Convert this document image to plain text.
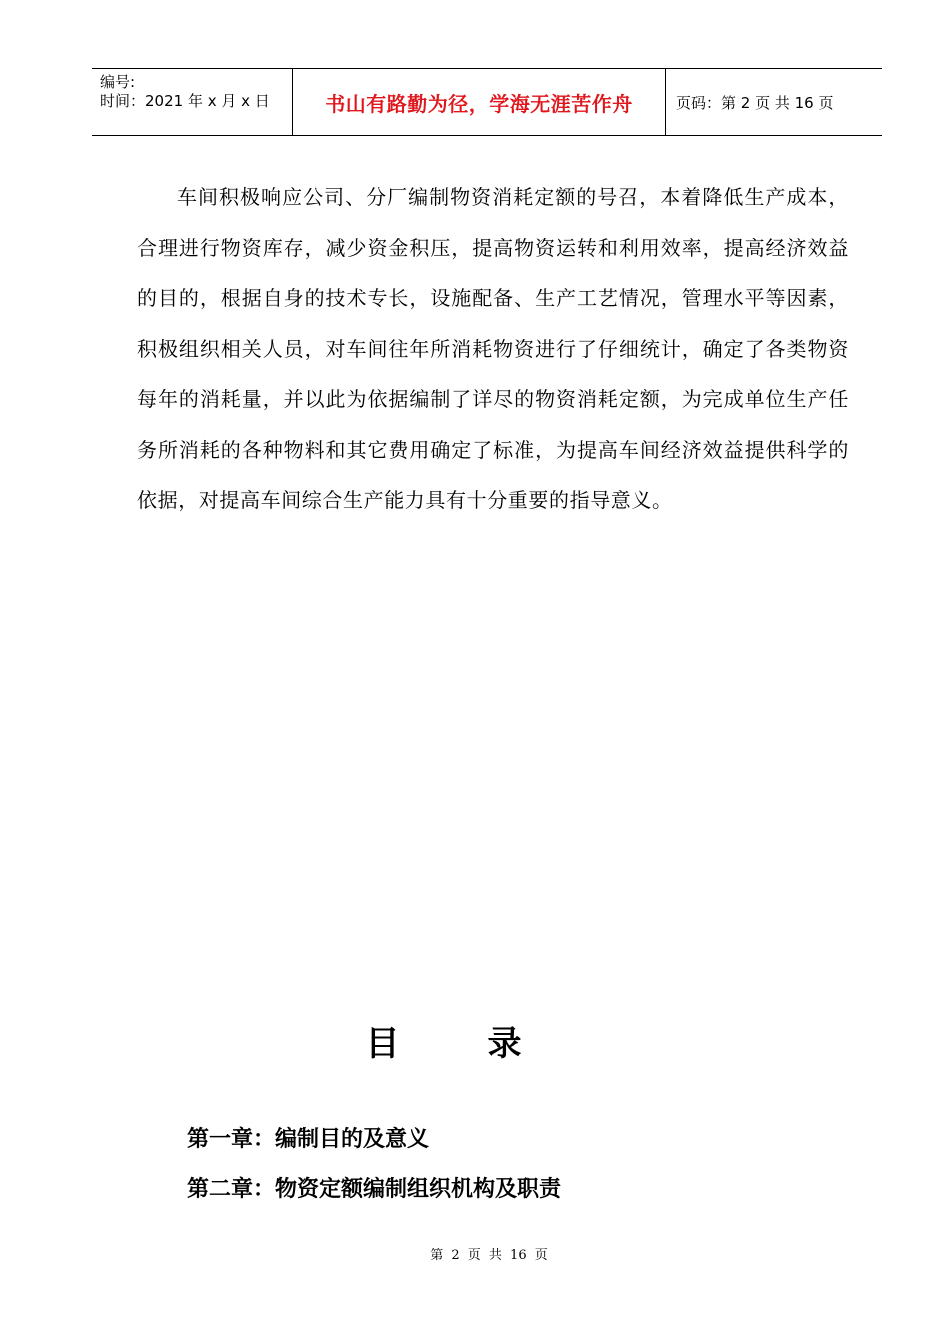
编号:
时间：2021 年 x 月 x 日	书山有路勤为径，学海无涯苦作舟	页码：第 2 页 共 16 页

车间积极响应公司、分厂编制物资消耗定额的号召，本着降低生产成本，合理进行物资库存，减少资金积压，提高物资运转和利用效率，提高经济效益的目的，根据自身的技术专长，设施配备、生产工艺情况，管理水平等因素，积极组织相关人员，对车间往年所消耗物资进行了仔细统计，确定了各类物资每年的消耗量，并以此为依据编制了详尽的物资消耗定额，为完成单位生产任务所消耗的各种物料和其它费用确定了标准，为提高车间经济效益提供科学的依据，对提高车间综合生产能力具有十分重要的指导意义。

目录
第一章：编制目的及意义
第二章：物资定额编制组织机构及职责
第 2 页 共 16 页
